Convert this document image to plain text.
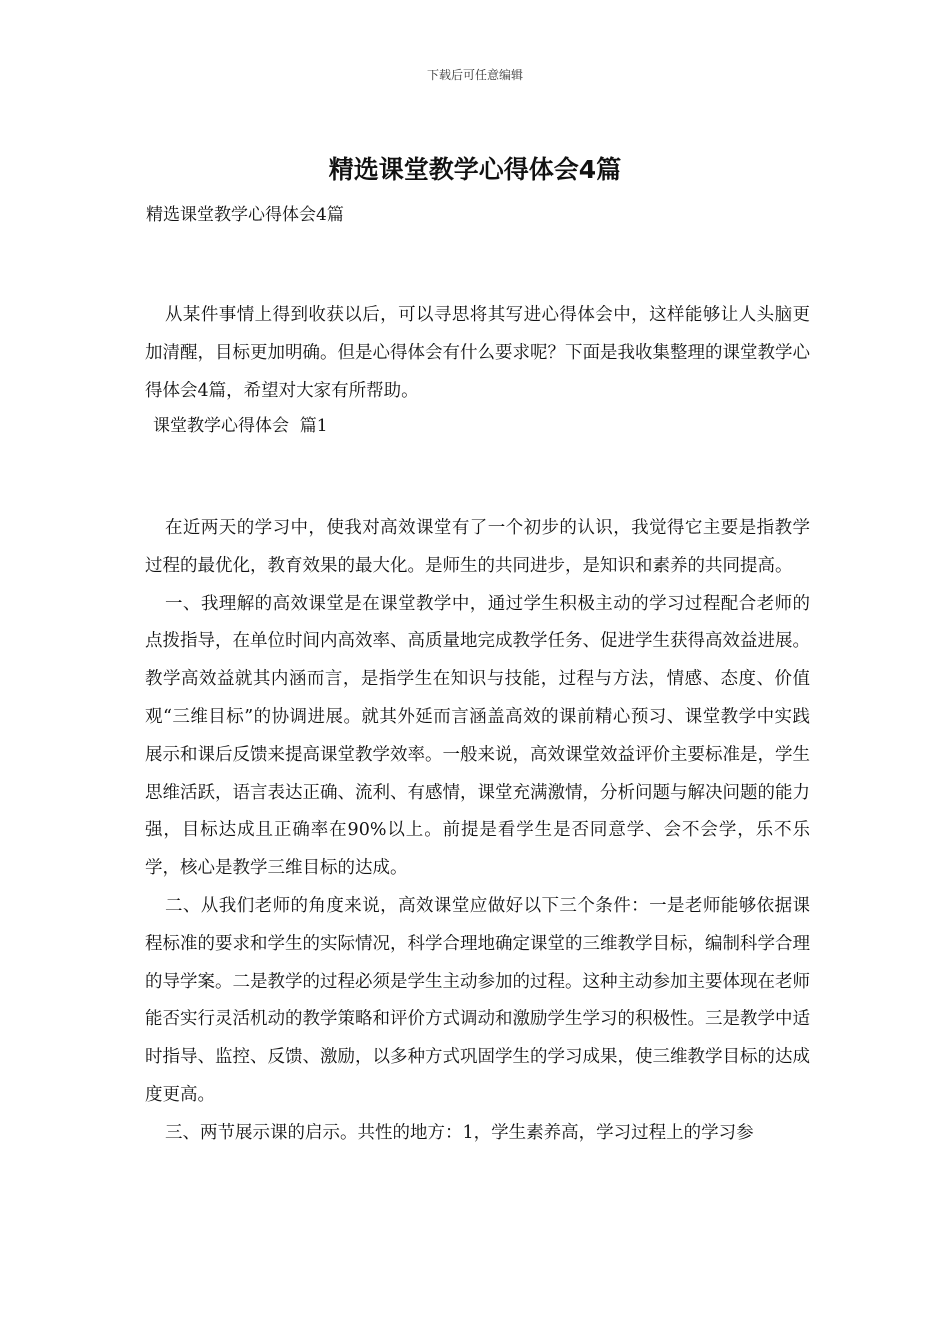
下载后可任意编辑
精选课堂教学心得体会4篇
精选课堂教学心得体会4篇

从某件事情上得到收获以后，可以寻思将其写进心得体会中，这样能够让人头脑更加清醒，目标更加明确。但是心得体会有什么要求呢？下面是我收集整理的课堂教学心得体会4篇，希望对大家有所帮助。

课堂教学心得体会  篇1

在近两天的学习中，使我对高效课堂有了一个初步的认识，我觉得它主要是指教学过程的最优化，教育效果的最大化。是师生的共同进步，是知识和素养的共同提高。

一、我理解的高效课堂是在课堂教学中，通过学生积极主动的学习过程配合老师的点拨指导，在单位时间内高效率、高质量地完成教学任务、促进学生获得高效益进展。教学高效益就其内涵而言，是指学生在知识与技能，过程与方法，情感、态度、价值观“三维目标”的协调进展。就其外延而言涵盖高效的课前精心预习、课堂教学中实践展示和课后反馈来提高课堂教学效率。一般来说，高效课堂效益评价主要标准是，学生思维活跃，语言表达正确、流利、有感情，课堂充满激情，分析问题与解决问题的能力强，目标达成且正确率在90%以上。前提是看学生是否同意学、会不会学，乐不乐学，核心是教学三维目标的达成。

二、从我们老师的角度来说，高效课堂应做好以下三个条件：一是老师能够依据课程标准的要求和学生的实际情况，科学合理地确定课堂的三维教学目标，编制科学合理的导学案。二是教学的过程必须是学生主动参加的过程。这种主动参加主要体现在老师能否实行灵活机动的教学策略和评价方式调动和激励学生学习的积极性。三是教学中适时指导、监控、反馈、激励，以多种方式巩固学生的学习成果，使三维教学目标的达成度更高。

三、两节展示课的启示。共性的地方：1，学生素养高，学习过程上的学习参
